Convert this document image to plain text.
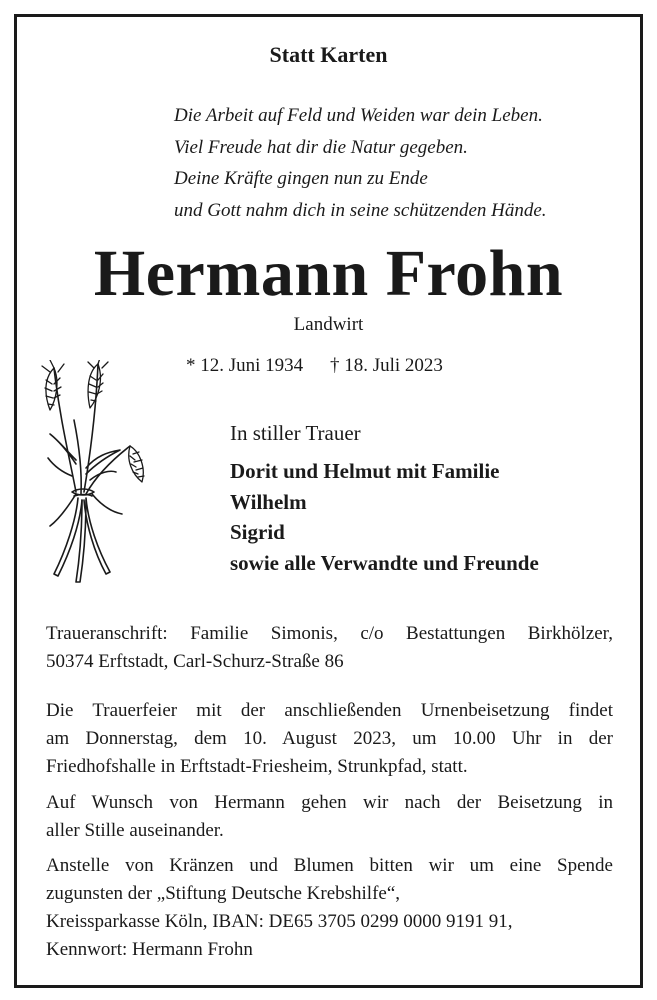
Statt Karten
Die Arbeit auf Feld und Weiden war dein Leben.
Viel Freude hat dir die Natur gegeben.
Deine Kräfte gingen nun zu Ende
und Gott nahm dich in seine schützenden Hände.
Hermann Frohn
Landwirt
* 12. Juni 1934 † 18. Juli 2023
In stiller Trauer
Dorit und Helmut mit Familie
Wilhelm
Sigrid
sowie alle Verwandte und Freunde
Traueranschrift: Familie Simonis, c/o Bestattungen Birkhölzer,
50374 Erftstadt, Carl-Schurz-Straße 86
Die Trauerfeier mit der anschließenden Urnenbeisetzung findet
am Donnerstag, dem 10. August 2023, um 10.00 Uhr in der
Friedhofshalle in Erftstadt-Friesheim, Strunkpfad, statt.
Auf Wunsch von Hermann gehen wir nach der Beisetzung in
aller Stille auseinander.
Anstelle von Kränzen und Blumen bitten wir um eine Spende
zugunsten der „Stiftung Deutsche Krebshilfe“,
Kreissparkasse Köln, IBAN: DE65 3705 0299 0000 9191 91,
Kennwort: Hermann Frohn
